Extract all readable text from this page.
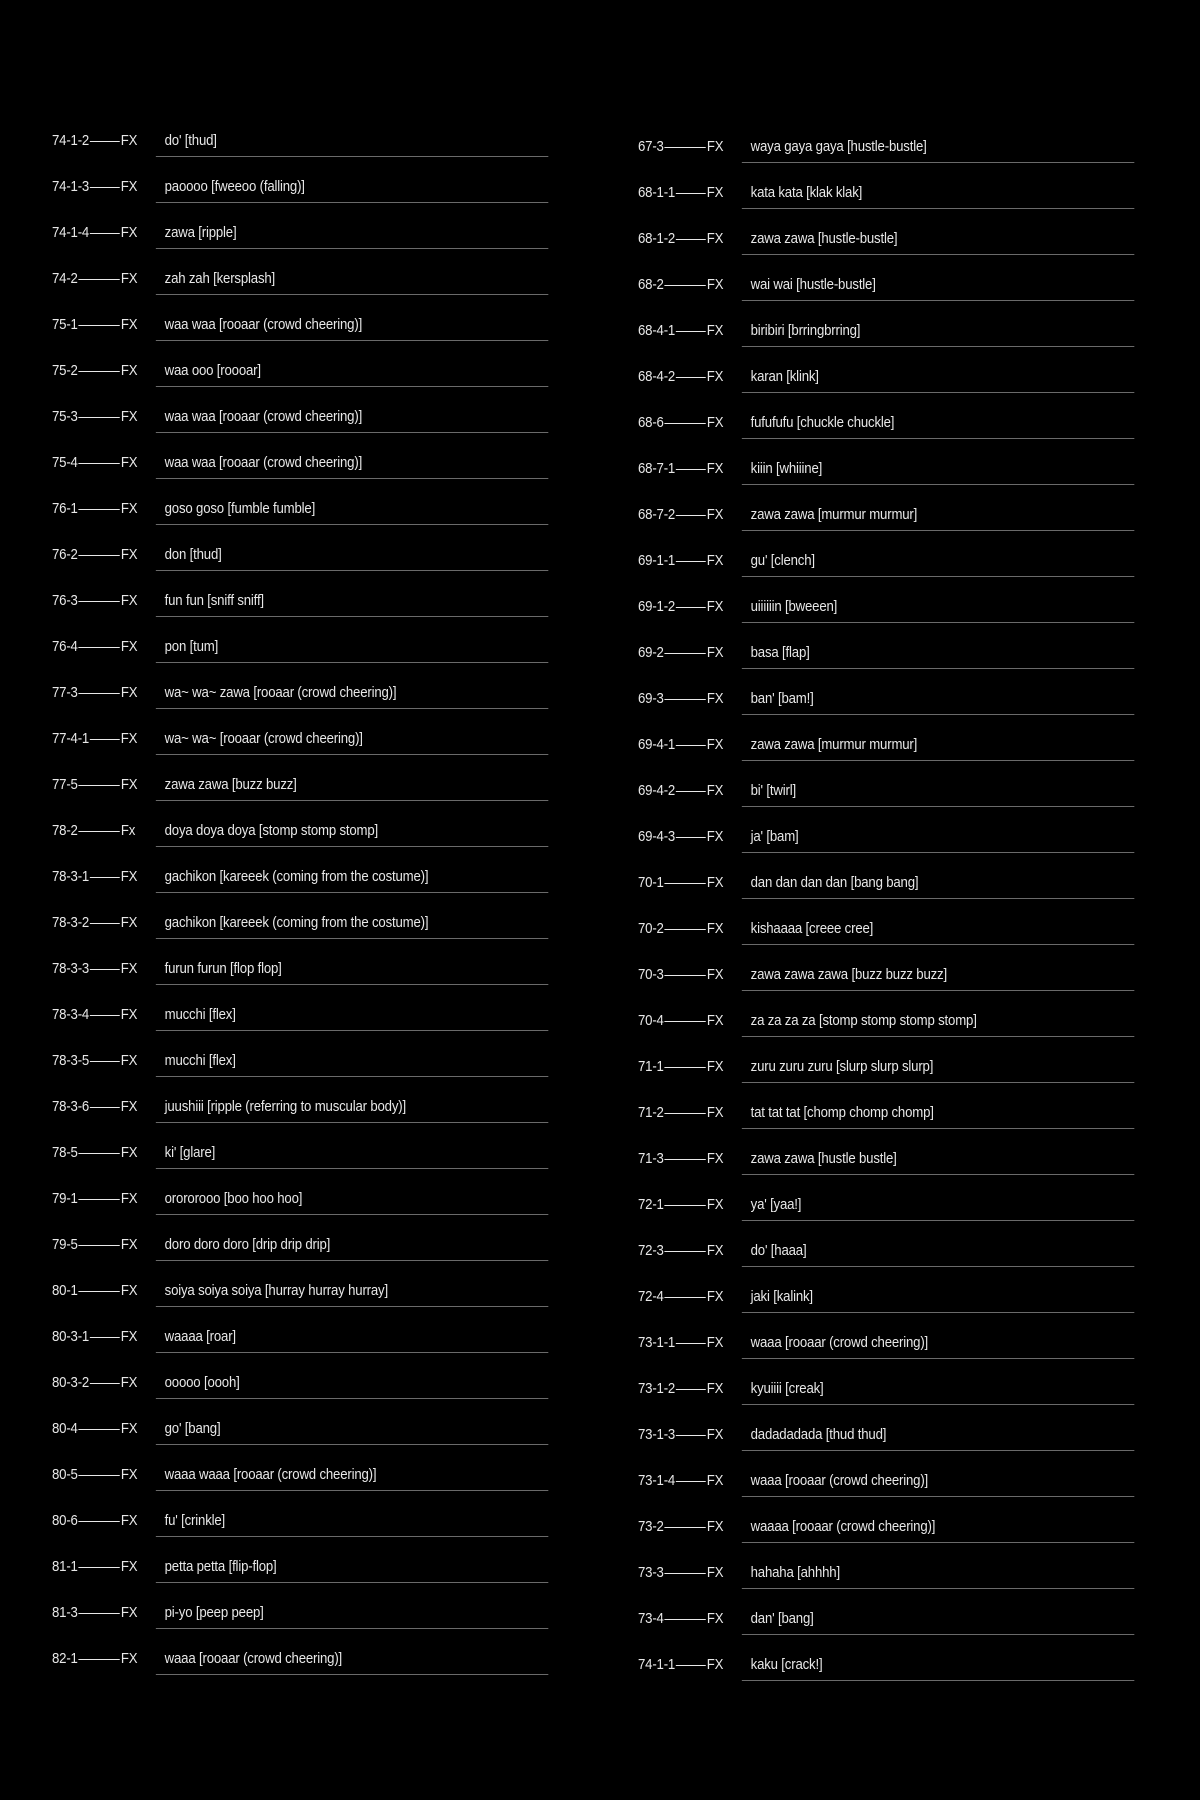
74-1-2 FX do' [thud]
74-1-3 FX paoooo [fweeoo (falling)]
74-1-4 FX zawa [ripple]
74-2	FX zah zah [kersplash]
75-1	FX waa waa [rooaar (crowd cheering)]
75-2	FX waa ooo [roooar]
75-3	FX waa waa [rooaar (crowd cheering)]
75-4	FX waa waa [rooaar (crowd cheering)]
76-1	FX goso goso [fumble fumble]
76-2	FX don [thud]
76-3	FX fun fun [sniff sniff]
76-4	FX pon [tum]
77-3	FX wa~ wa~ zawa [rooaar (crowd cheering)]
77-4-1 FX wa~ wa~ [rooaar (crowd cheering)]
77-5	FX zawa zawa [buzz buzz]
78-2	Fx doya doya doya [stomp stomp stomp]
78-3-1 FX gachikon [kareeek (coming from the costume)]
78-3-2 FX gachikon [kareeek (coming from the costume)]
78-3-3 FX furun furun [flop flop]
78-3-4 FX mucchi [flex]
78-3-5 FX mucchi [flex]
78-3-6 FX juushiii [ripple (referring to muscular body)]
78-5	FX ki' [glare]
79-1	FX orororooo [boo hoo hoo]
79-5	FX doro doro doro [drip drip drip]
80-1	FX soiya soiya soiya [hurray hurray hurray]
80-3-1 FX waaaa [roar]
80-3-2 FX ooooo [oooh]
80-4	FX go' [bang]
80-5	FX waaa waaa [rooaar (crowd cheering)]
80-6	FX fu' [crinkle]
81-1	FX petta petta [flip-flop]
81-3	FX pi-yo [peep peep]
82-1	FX waaa [rooaar (crowd cheering)]
67-3	FX waya gaya gaya [hustle-bustle]
68-1-1 FX kata kata [klak klak]
68-1-2 FX zawa zawa [hustle-bustle]
68-2	FX wai wai [hustle-bustle]
68-4-1 FX biribiri [brringbrring]
68-4-2 FX karan [klink]
68-6	FX fufufufu [chuckle chuckle]
68-7-1 FX kiiin [whiiine]
68-7-2 FX zawa zawa [murmur murmur]
69-1-1 FX gu' [clench]
69-1-2 FX uiiiiiin [bweeen]
69-2	FX basa [flap]
69-3	FX ban' [bam!]
69-4-1 FX zawa zawa [murmur murmur]
69-4-2 FX bi' [twirl]
69-4-3 FX ja' [bam]
70-1	FX dan dan dan dan [bang bang]
70-2	FX kishaaaa [creee cree]
70-3	FX zawa zawa zawa [buzz buzz buzz]
70-4	FX za za za za [stomp stomp stomp stomp]
71-1	FX zuru zuru zuru [slurp slurp slurp]
71-2	FX tat tat tat [chomp chomp chomp]
71-3	FX zawa zawa [hustle bustle]
72-1	FX ya' [yaa!]
72-3	FX do' [haaa]
72-4	FX jaki [kalink]
73-1-1 FX waaa [rooaar (crowd cheering)]
73-1-2 FX kyuiiii [creak]
73-1-3 FX dadadadada [thud thud]
73-1-4 FX waaa [rooaar (crowd cheering)]
73-2	FX waaaa [rooaar (crowd cheering)]
73-3	FX hahaha [ahhhh]
73-4	FX dan' [bang]
74-1-1 FX kaku [crack!]
